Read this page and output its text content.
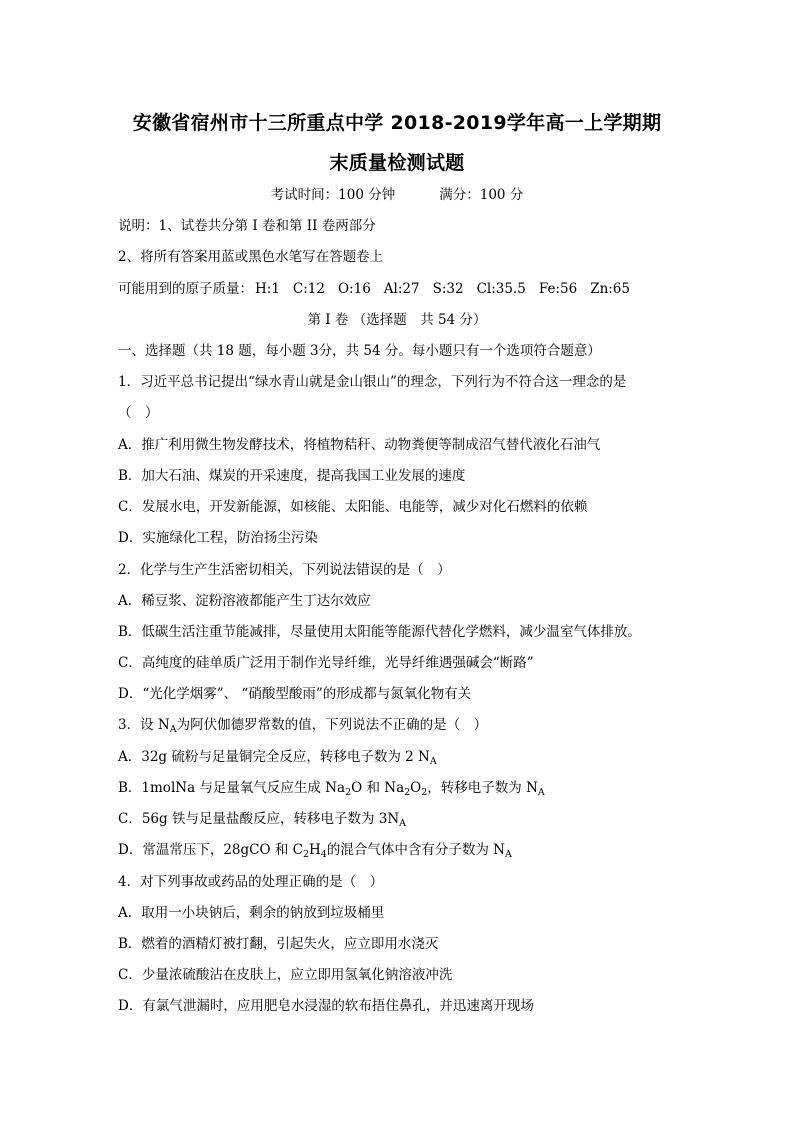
安徽省宿州市十三所重点中学 2018-2019学年高一上学期期
末质量检测试题
考试时间：100 分钟	满分：100 分
说明：1、试卷共分第 I 卷和第 II 卷两部分
2、将所有答案用蓝或黑色水笔写在答题卷上
可能用到的原子质量： H:1 C:12 O:16 Al:27 S:32 Cl:35.5 Fe:56 Zn:65
第 I 卷 （选择题　共 54 分）
一、选择题（共 18 题，每小题 3分，共 54 分。每小题只有一个选项符合题意）
1．习近平总书记提出“绿水青山就是金山银山”的理念，下列行为不符合这一理念的是
（　）
A．推广利用微生物发酵技术，将植物秸秆、动物粪便等制成沼气替代液化石油气
B．加大石油、煤炭的开采速度，提高我国工业发展的速度
C．发展水电，开发新能源，如核能、太阳能、电能等，减少对化石燃料的依赖
D．实施绿化工程，防治扬尘污染
2．化学与生产生活密切相关，下列说法错误的是（　）
A．稀豆浆、淀粉溶液都能产生丁达尔效应
B．低碳生活注重节能减排，尽量使用太阳能等能源代替化学燃料，减少温室气体排放。
C．高纯度的硅单质广泛用于制作光导纤维，光导纤维遇强碱会“断路”
D．“光化学烟雾”、 “硝酸型酸雨”的形成都与氮氧化物有关
3．设 $N_A$为阿伏伽德罗常数的值，下列说法不正确的是（　）
A．32g 硫粉与足量铜完全反应，转移电子数为 2 $N_A$
B．1molNa 与足量氧气反应生成 $Na_2O$ 和 $Na_2O_2$，转移电子数为 $N_A$
C．56g 铁与足量盐酸反应，转移电子数为 $3N_A$
D．常温常压下，28gCO 和 $C_2H_4$的混合气体中含有分子数为 $N_A$
4．对下列事故或药品的处理正确的是（　）
A．取用一小块钠后，剩余的钠放到垃圾桶里
B．燃着的酒精灯被打翻，引起失火，应立即用水浇灭
C．少量浓硫酸沾在皮肤上，应立即用氢氧化钠溶液冲洗
D．有氯气泄漏时，应用肥皂水浸湿的软布捂住鼻孔，并迅速离开现场
